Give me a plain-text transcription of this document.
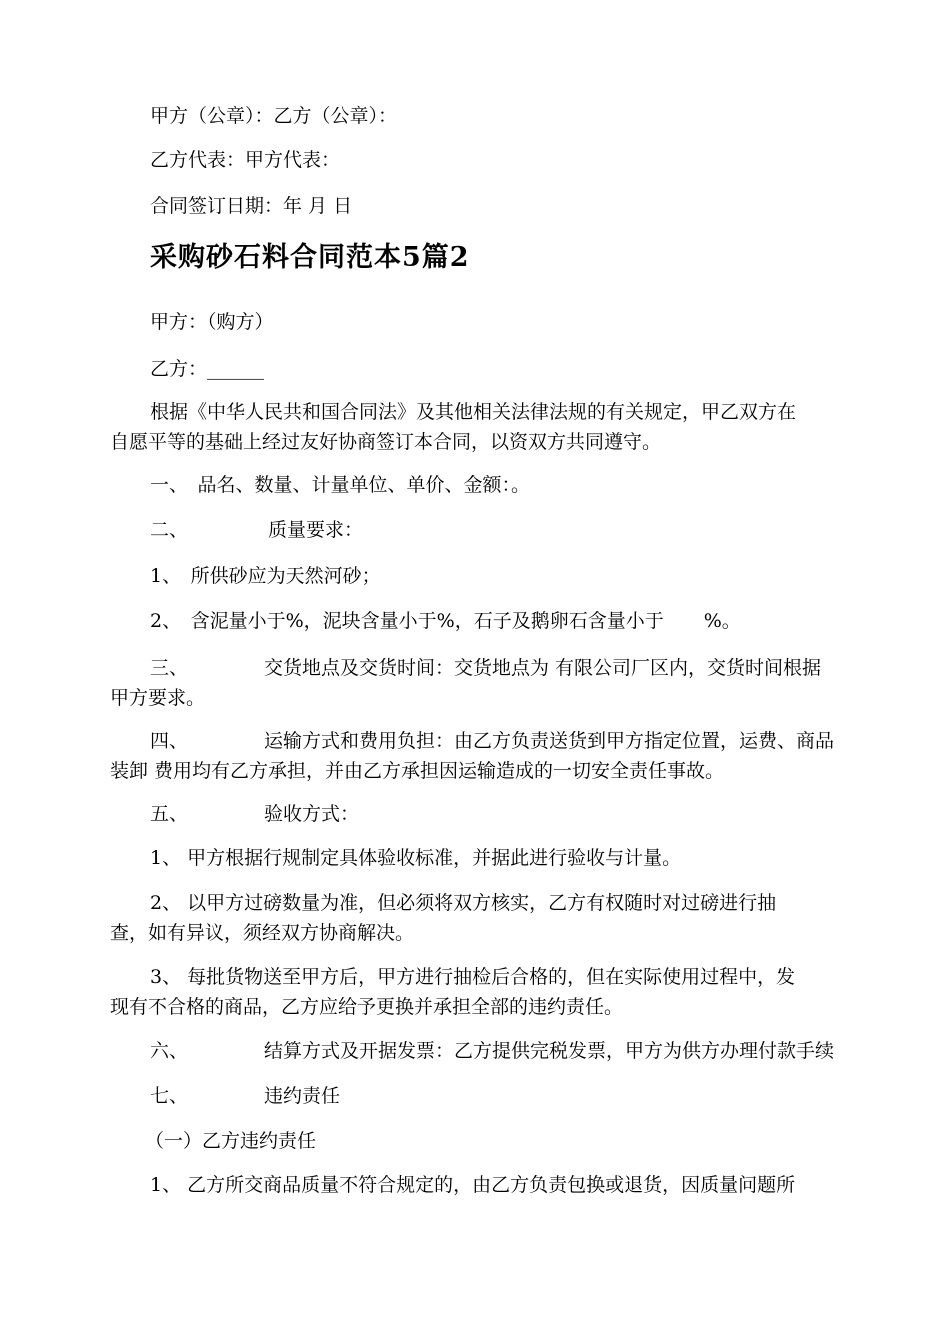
甲方（公章）：乙方（公章）：
乙方代表：甲方代表：
合同签订日期：年 月 日
采购砂石料合同范本5篇2
甲方：（购方）
乙方：______
根据《中华人民共和国合同法》及其他相关法律法规的有关规定，甲乙双方在
自愿平等的基础上经过友好协商签订本合同，以资双方共同遵守。
一、　品名、数量、计量单位、单价、金额：。
二、	质量要求：
1、　所供砂应为天然河砂；
2、　含泥量小于%，泥块含量小于%，石子及鹅卵石含量小于 %。
三、	交货地点及交货时间：交货地点为 有限公司厂区内，交货时间根据
甲方要求。
四、	运输方式和费用负担：由乙方负责送货到甲方指定位置，运费、商品
装卸 费用均有乙方承担，并由乙方承担因运输造成的一切安全责任事故。
五、	验收方式：
1、 甲方根据行规制定具体验收标准，并据此进行验收与计量。
2、 以甲方过磅数量为准，但必须将双方核实，乙方有权随时对过磅进行抽
查，如有异议，须经双方协商解决。
3、 每批货物送至甲方后，甲方进行抽检后合格的，但在实际使用过程中，发
现有不合格的商品，乙方应给予更换并承担全部的违约责任。
六、	结算方式及开据发票：乙方提供完税发票，甲方为供方办理付款手续
七、	违约责任
（一）乙方违约责任
1、 乙方所交商品质量不符合规定的，由乙方负责包换或退货，因质量问题所
